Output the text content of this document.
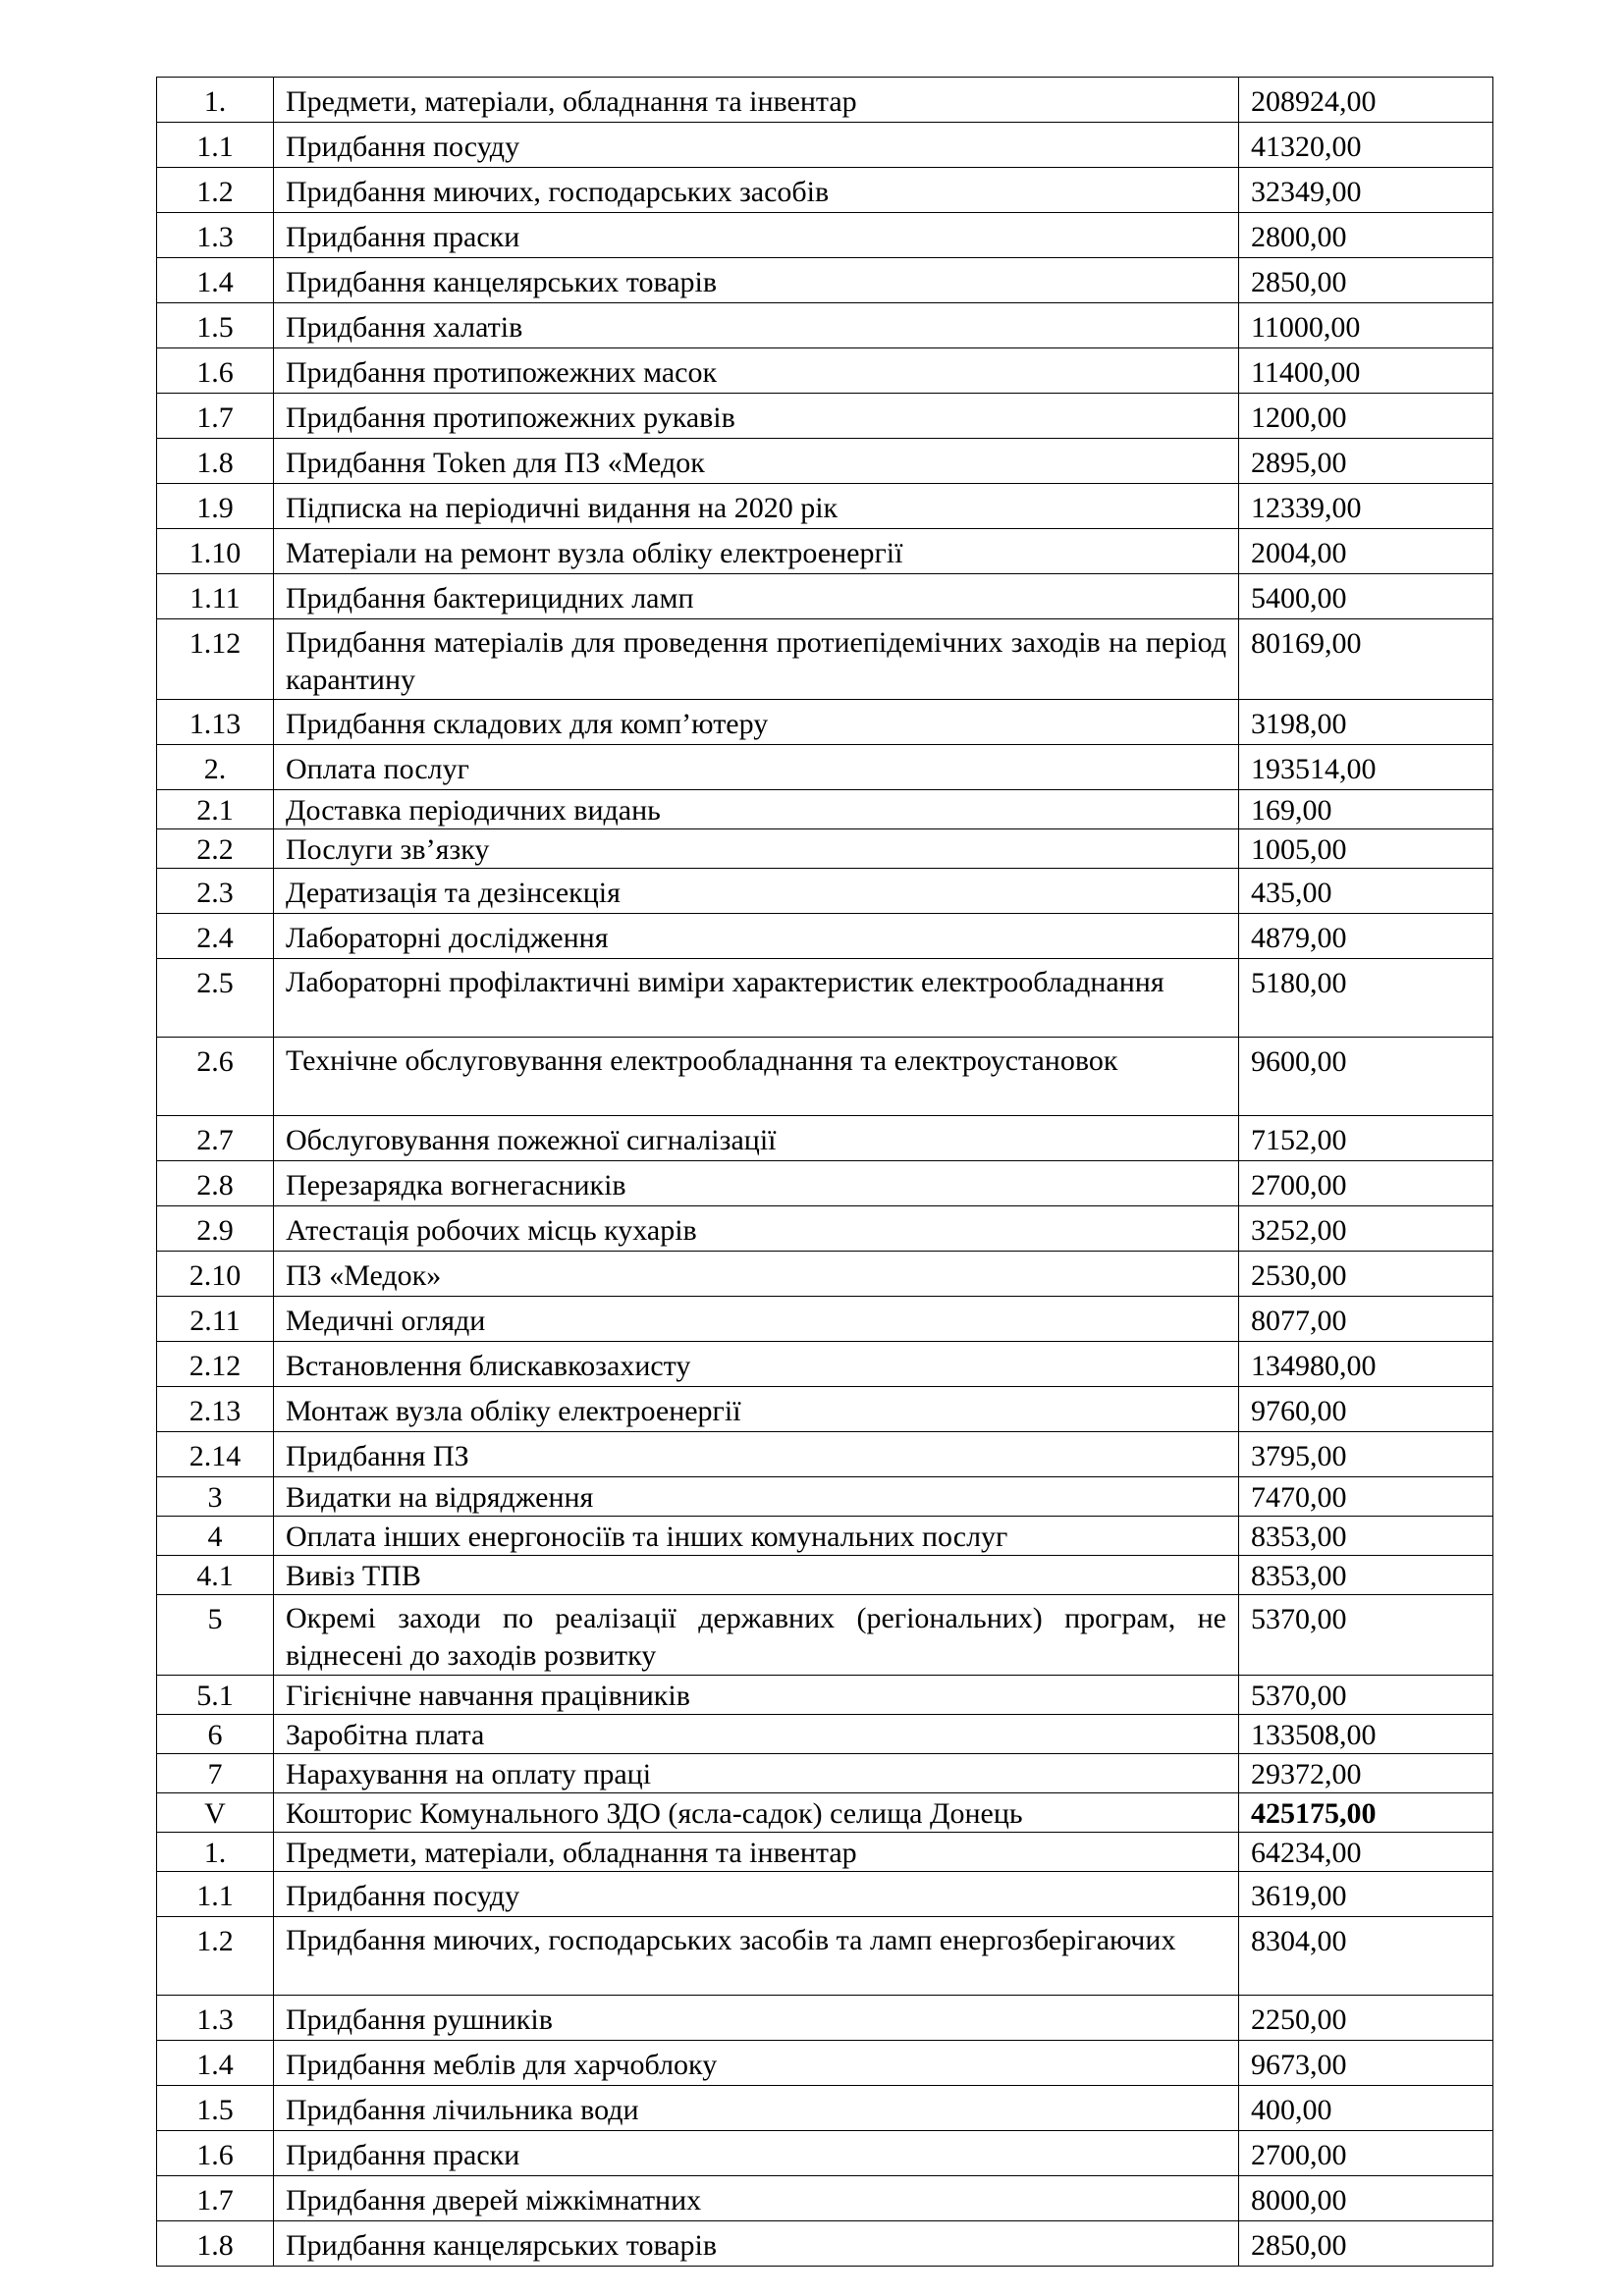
1.	Предмети, матеріали, обладнання та інвентар	208924,00
1.1	Придбання посуду	41320,00
1.2	Придбання миючих, господарських засобів	32349,00
1.3	Придбання праски	2800,00
1.4	Придбання канцелярських товарів	2850,00
1.5	Придбання халатів	11000,00
1.6	Придбання протипожежних масок	11400,00
1.7	Придбання протипожежних рукавів	1200,00
1.8	Придбання Token для ПЗ «Медок	2895,00
1.9	Підписка на періодичні видання на 2020 рік	12339,00
1.10	Матеріали на ремонт вузла обліку електроенергії	2004,00
1.11	Придбання бактерицидних ламп	5400,00
1.12	Придбання матеріалів для проведення протиепідемічних заходів на період карантину	80169,00
1.13	Придбання складових для комп’ютеру	3198,00
2.	Оплата послуг	193514,00
2.1	Доставка періодичних видань	169,00
2.2	Послуги зв’язку	1005,00
2.3	Дератизація та дезінсекція	435,00
2.4	Лабораторні дослідження	4879,00
2.5	Лабораторні профілактичні виміри характеристик електрообладнання	5180,00
2.6	Технічне обслуговування електрообладнання та електроустановок	9600,00
2.7	Обслуговування пожежної сигналізації	7152,00
2.8	Перезарядка вогнегасників	2700,00
2.9	Атестація робочих місць кухарів	3252,00
2.10	ПЗ «Медок»	2530,00
2.11	Медичні огляди	8077,00
2.12	Встановлення блискавкозахисту	134980,00
2.13	Монтаж вузла обліку електроенергії	9760,00
2.14	Придбання ПЗ	3795,00
3	Видатки на відрядження	7470,00
4	Оплата інших енергоносіїв та інших комунальних послуг	8353,00
4.1	Вивіз ТПВ	8353,00
5	Окремі заходи по реалізації державних (регіональних) програм, не віднесені до заходів розвитку	5370,00
5.1	Гігієнічне навчання працівників	5370,00
6	Заробітна плата	133508,00
7	Нарахування на оплату праці	29372,00
V	Кошторис Комунального ЗДО (ясла-садок) селища Донець	425175,00
1.	Предмети, матеріали, обладнання та інвентар	64234,00
1.1	Придбання посуду	3619,00
1.2	Придбання миючих, господарських засобів та ламп енергозберігаючих	8304,00
1.3	Придбання рушників	2250,00
1.4	Придбання меблів для харчоблоку	9673,00
1.5	Придбання лічильника води	400,00
1.6	Придбання праски	2700,00
1.7	Придбання дверей міжкімнатних	8000,00
1.8	Придбання канцелярських товарів	2850,00
